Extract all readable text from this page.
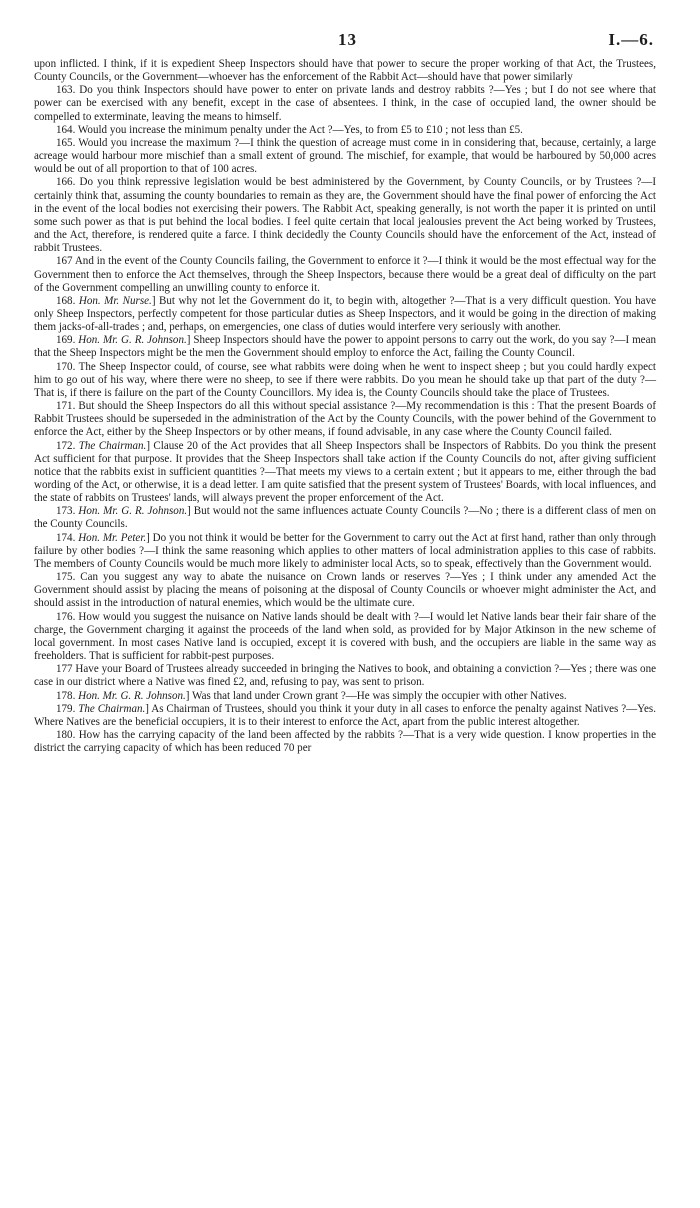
13	I.—6.

upon inflicted. I think, if it is expedient Sheep Inspectors should have that power to secure the proper working of that Act, the Trustees, County Councils, or the Government—whoever has the enforcement of the Rabbit Act—should have that power similarly

163. Do you think Inspectors should have power to enter on private lands and destroy rabbits ?—Yes ; but I do not see where that power can be exercised with any benefit, except in the case of absentees. I think, in the case of occupied land, the owner should be compelled to exterminate, leaving the means to himself.

164. Would you increase the minimum penalty under the Act ?—Yes, to from £5 to £10 ; not less than £5.

165. Would you increase the maximum ?—I think the question of acreage must come in in considering that, because, certainly, a large acreage would harbour more mischief than a small extent of ground. The mischief, for example, that would be harboured by 50,000 acres would be out of all proportion to that of 100 acres.

166. Do you think repressive legislation would be best administered by the Government, by County Councils, or by Trustees ?—I certainly think that, assuming the county boundaries to remain as they are, the Government should have the final power of enforcing the Act in the event of the local bodies not exercising their powers. The Rabbit Act, speaking generally, is not worth the paper it is printed on until some such power as that is put behind the local bodies. I feel quite certain that local jealousies prevent the Act being worked by Trustees, and the Act, therefore, is rendered quite a farce. I think decidedly the County Councils should have the enforcement of the Act, instead of rabbit Trustees.

167 And in the event of the County Councils failing, the Government to enforce it ?—I think it would be the most effectual way for the Government then to enforce the Act themselves, through the Sheep Inspectors, because there would be a great deal of difficulty on the part of the Government compelling an unwilling county to enforce it.

168. Hon. Mr. Nurse.] But why not let the Government do it, to begin with, altogether ?—That is a very difficult question. You have only Sheep Inspectors, perfectly competent for those particular duties as Sheep Inspectors, and it would be going in the direction of making them jacks-of-all-trades ; and, perhaps, on emergencies, one class of duties would interfere very seriously with another.

169. Hon. Mr. G. R. Johnson.] Sheep Inspectors should have the power to appoint persons to carry out the work, do you say ?—I mean that the Sheep Inspectors might be the men the Government should employ to enforce the Act, failing the County Council.

170. The Sheep Inspector could, of course, see what rabbits were doing when he went to inspect sheep ; but you could hardly expect him to go out of his way, where there were no sheep, to see if there were rabbits. Do you mean he should take up that part of the duty ?—That is, if there is failure on the part of the County Councillors. My idea is, the County Councils should take the place of Trustees.

171. But should the Sheep Inspectors do all this without special assistance ?—My recommendation is this : That the present Boards of Rabbit Trustees should be superseded in the administration of the Act by the County Councils, with the power behind of the Government to enforce the Act, either by the Sheep Inspectors or by other means, if found advisable, in any case where the County Council failed.

172. The Chairman.] Clause 20 of the Act provides that all Sheep Inspectors shall be Inspectors of Rabbits. Do you think the present Act sufficient for that purpose. It provides that the Sheep Inspectors shall take action if the County Councils do not, after giving sufficient notice that the rabbits exist in sufficient quantities ?—That meets my views to a certain extent ; but it appears to me, either through the bad wording of the Act, or otherwise, it is a dead letter. I am quite satisfied that the present system of Trustees' Boards, with local influences, and the state of rabbits on Trustees' lands, will always prevent the proper enforcement of the Act.

173. Hon. Mr. G. R. Johnson.] But would not the same influences actuate County Councils ?—No ; there is a different class of men on the County Councils.

174. Hon. Mr. Peter.] Do you not think it would be better for the Government to carry out the Act at first hand, rather than only through failure by other bodies ?—I think the same reasoning which applies to other matters of local administration applies to this case of rabbits. The members of County Councils would be much more likely to administer local Acts, so to speak, effectively than the Government would.

175. Can you suggest any way to abate the nuisance on Crown lands or reserves ?—Yes ; I think under any amended Act the Government should assist by placing the means of poisoning at the disposal of County Councils or whoever might administer the Act, and should assist in the introduction of natural enemies, which would be the ultimate cure.

176. How would you suggest the nuisance on Native lands should be dealt with ?—I would let Native lands bear their fair share of the charge, the Government charging it against the proceeds of the land when sold, as provided for by Major Atkinson in the new scheme of local government. In most cases Native land is occupied, except it is covered with bush, and the occupiers are liable in the same way as freeholders. That is sufficient for rabbit-pest purposes.

177 Have your Board of Trustees already succeeded in bringing the Natives to book, and obtaining a conviction ?—Yes ; there was one case in our district where a Native was fined £2, and, refusing to pay, was sent to prison.

178. Hon. Mr. G. R. Johnson.] Was that land under Crown grant ?—He was simply the occupier with other Natives.

179. The Chairman.] As Chairman of Trustees, should you think it your duty in all cases to enforce the penalty against Natives ?—Yes. Where Natives are the beneficial occupiers, it is to their interest to enforce the Act, apart from the public interest altogether.

180. How has the carrying capacity of the land been affected by the rabbits ?—That is a very wide question. I know properties in the district the carrying capacity of which has been reduced 70 per
